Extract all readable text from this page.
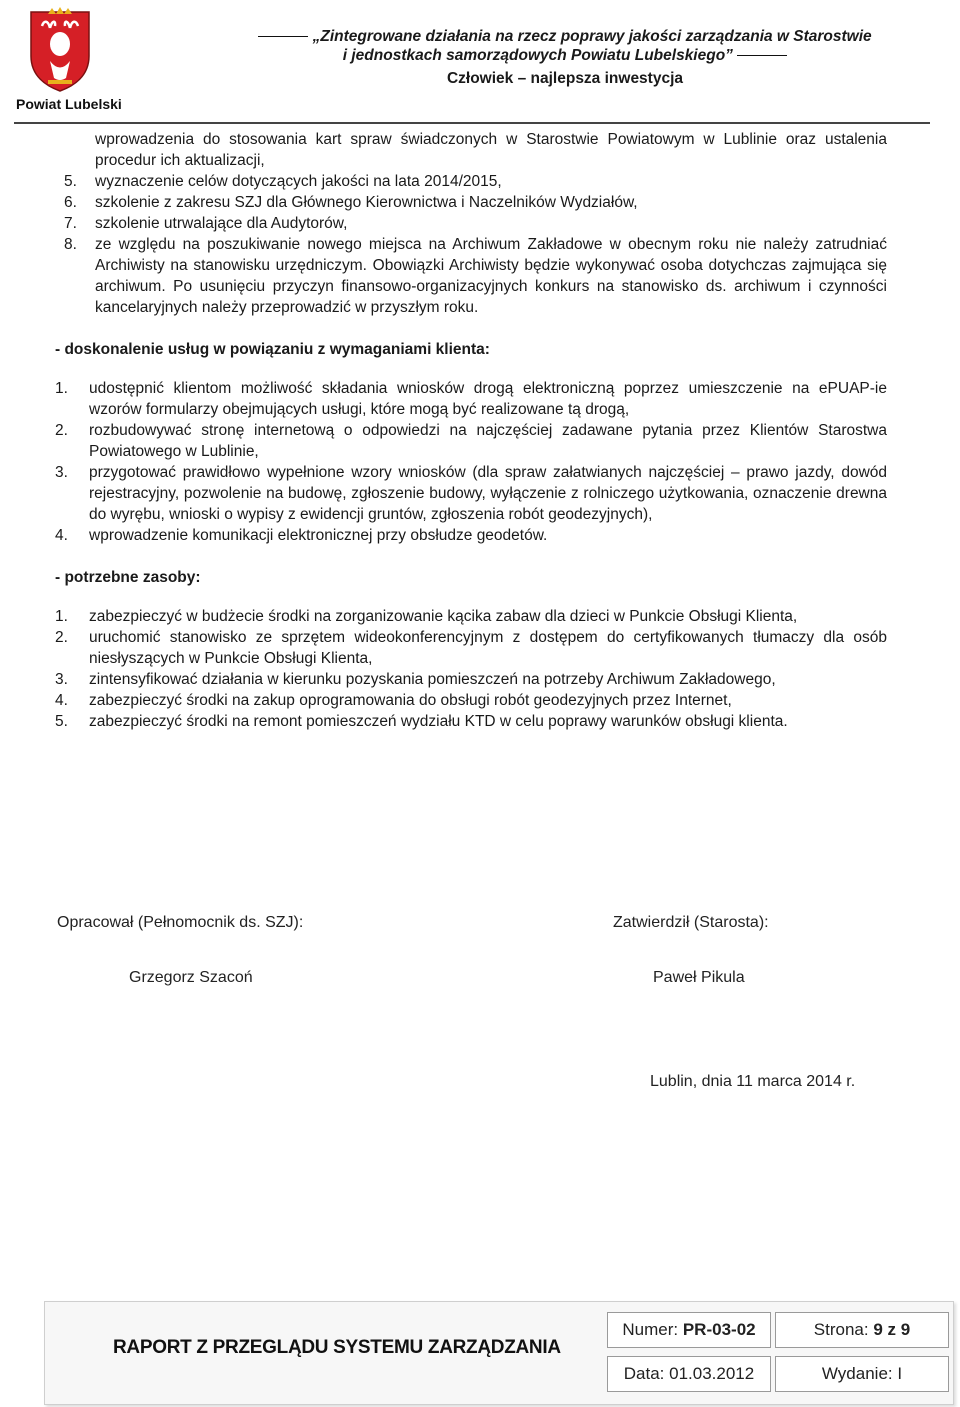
Powiat Lubelski
„Zintegrowane działania na rzecz poprawy jakości zarządzania w Starostwie
i jednostkach samorządowych Powiatu Lubelskiego”
Człowiek – najlepsza inwestycja
wprowadzenia do stosowania kart spraw świadczonych w Starostwie Powiatowym w Lublinie oraz ustalenia procedur ich aktualizacji,
5. wyznaczenie celów dotyczących jakości na lata 2014/2015,
6. szkolenie z zakresu SZJ dla Głównego Kierownictwa i Naczelników Wydziałów,
7. szkolenie utrwalające dla Audytorów,
8. ze względu na poszukiwanie nowego miejsca na Archiwum Zakładowe w obecnym roku nie należy zatrudniać Archiwisty na stanowisku urzędniczym. Obowiązki Archiwisty będzie wykonywać osoba dotychczas zajmująca się archiwum. Po usunięciu przyczyn finansowo-organizacyjnych konkurs na stanowisko ds. archiwum i czynności kancelaryjnych należy przeprowadzić w przyszłym roku.

- doskonalenie usług w powiązaniu z wymaganiami klienta:

1. udostępnić klientom możliwość składania wniosków drogą elektroniczną poprzez umieszczenie na ePUAP-ie wzorów formularzy obejmujących usługi, które mogą być realizowane tą drogą,
2. rozbudowywać stronę internetową o odpowiedzi na najczęściej zadawane pytania przez Klientów Starostwa Powiatowego w Lublinie,
3. przygotować prawidłowo wypełnione wzory wniosków (dla spraw załatwianych najczęściej – prawo jazdy, dowód rejestracyjny, pozwolenie na budowę, zgłoszenie budowy, wyłączenie z rolniczego użytkowania, oznaczenie drewna do wyrębu, wnioski o wypisy z ewidencji gruntów, zgłoszenia robót geodezyjnych),
4. wprowadzenie komunikacji elektronicznej przy obsłudze geodetów.

- potrzebne zasoby:

1. zabezpieczyć w budżecie środki na zorganizowanie kącika zabaw dla dzieci w Punkcie Obsługi Klienta,
2. uruchomić stanowisko ze sprzętem wideokonferencyjnym z dostępem do certyfikowanych tłumaczy dla osób niesłyszących w Punkcie Obsługi Klienta,
3. zintensyfikować działania w kierunku pozyskania pomieszczeń na potrzeby Archiwum Zakładowego,
4. zabezpieczyć środki na zakup oprogramowania do obsługi robót geodezyjnych przez Internet,
5. zabezpieczyć środki na remont pomieszczeń wydziału KTD w celu poprawy warunków obsługi klienta.
Opracował (Pełnomocnik ds. SZJ):	Zatwierdził (Starosta):
Grzegorz Szacoń	Paweł Pikula
Lublin, dnia 11 marca 2014 r.
RAPORT Z PRZEGLĄDU SYSTEMU ZARZĄDZANIA
Numer: PR-03-02	Strona: 9 z 9
Data: 01.03.2012	Wydanie: I
